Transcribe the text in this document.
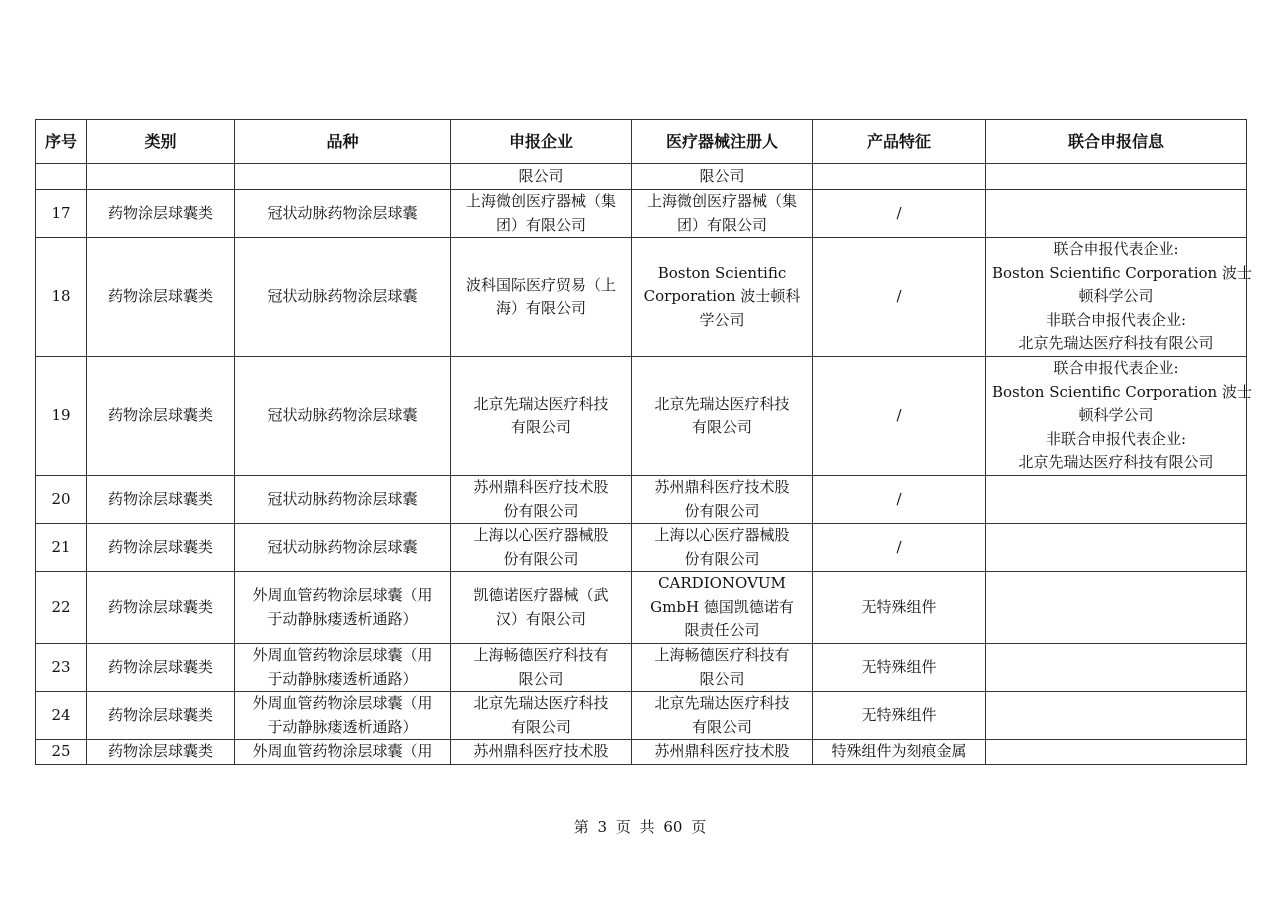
序号	类别	品种	申报企业	医疗器械注册人	产品特征	联合申报信息

			限公司	限公司		

17	药物涂层球囊类	冠状动脉药物涂层球囊	上海微创医疗器械（集
团）有限公司	上海微创医疗器械（集
团）有限公司	/	
18	药物涂层球囊类	冠状动脉药物涂层球囊	波科国际医疗贸易（上
海）有限公司	Boston Scientific
Corporation 波士顿科
学公司	/	联合申报代表企业:
Boston Scientific Corporation 波士
顿科学公司
非联合申报代表企业:
北京先瑞达医疗科技有限公司

19	药物涂层球囊类	冠状动脉药物涂层球囊	北京先瑞达医疗科技
有限公司	北京先瑞达医疗科技
有限公司	/	联合申报代表企业:
Boston Scientific Corporation 波士
顿科学公司
非联合申报代表企业:
北京先瑞达医疗科技有限公司

20	药物涂层球囊类	冠状动脉药物涂层球囊	苏州鼎科医疗技术股
份有限公司	苏州鼎科医疗技术股
份有限公司	/	
21	药物涂层球囊类	冠状动脉药物涂层球囊	上海以心医疗器械股
份有限公司	上海以心医疗器械股
份有限公司	/	
22	药物涂层球囊类	外周血管药物涂层球囊（用
于动静脉瘘透析通路）	凯德诺医疗器械（武
汉）有限公司	CARDIONOVUM
GmbH 德国凯德诺有
限责任公司	无特殊组件	
23	药物涂层球囊类	外周血管药物涂层球囊（用
于动静脉瘘透析通路）	上海畅德医疗科技有
限公司	上海畅德医疗科技有
限公司	无特殊组件	
24	药物涂层球囊类	外周血管药物涂层球囊（用
于动静脉瘘透析通路）	北京先瑞达医疗科技
有限公司	北京先瑞达医疗科技
有限公司	无特殊组件	
25	药物涂层球囊类	外周血管药物涂层球囊（用	苏州鼎科医疗技术股	苏州鼎科医疗技术股	特殊组件为刻痕金属	
第 3 页 共 60 页
